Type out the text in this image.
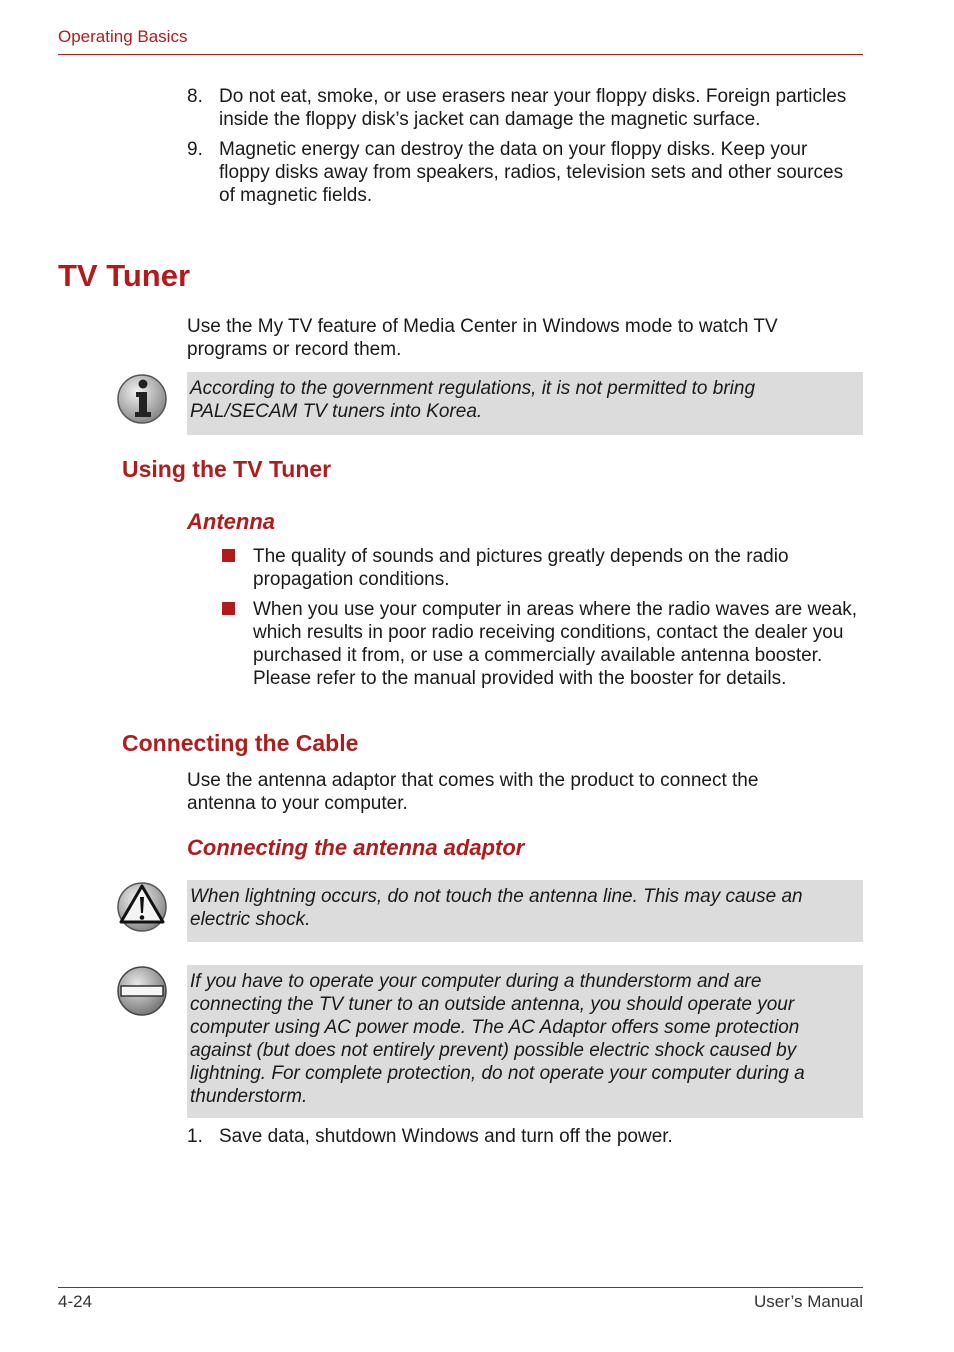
Operating Basics
8. Do not eat, smoke, or use erasers near your floppy disks. Foreign particles inside the floppy disk’s jacket can damage the magnetic surface.
9. Magnetic energy can destroy the data on your floppy disks. Keep your floppy disks away from speakers, radios, television sets and other sources of magnetic fields.
TV Tuner
Use the My TV feature of Media Center in Windows mode to watch TV programs or record them.
According to the government regulations, it is not permitted to bring PAL/SECAM TV tuners into Korea.
Using the TV Tuner
Antenna
The quality of sounds and pictures greatly depends on the radio propagation conditions.
When you use your computer in areas where the radio waves are weak, which results in poor radio receiving conditions, contact the dealer you purchased it from, or use a commercially available antenna booster. Please refer to the manual provided with the booster for details.
Connecting the Cable
Use the antenna adaptor that comes with the product to connect the antenna to your computer.
Connecting the antenna adaptor
When lightning occurs, do not touch the antenna line. This may cause an electric shock.
If you have to operate your computer during a thunderstorm and are connecting the TV tuner to an outside antenna, you should operate your computer using AC power mode. The AC Adaptor offers some protection against (but does not entirely prevent) possible electric shock caused by lightning. For complete protection, do not operate your computer during a thunderstorm.
1. Save data, shutdown Windows and turn off the power.
4-24	User’s Manual
